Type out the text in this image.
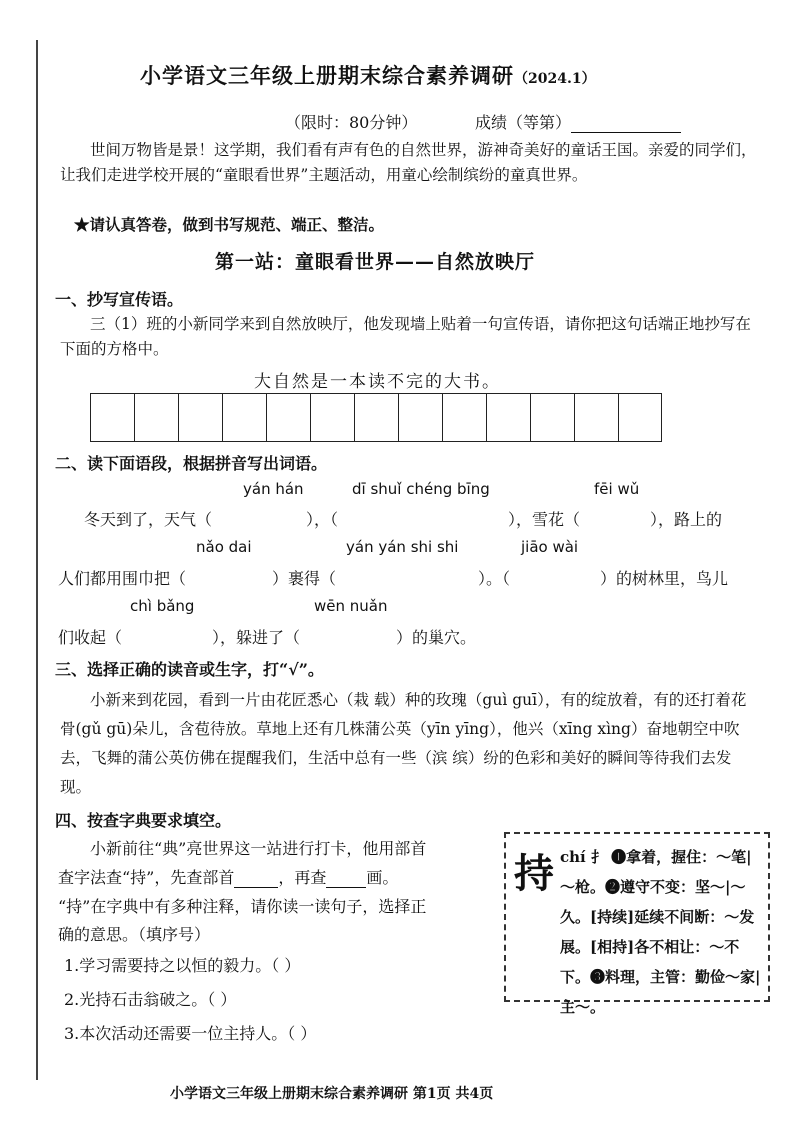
小学语文三年级上册期末综合素养调研（2024.1）
（限时：80分钟）	成绩（等第）
世间万物皆是景！这学期，我们看有声有色的自然世界，游神奇美好的童话王国。亲爱的同学们，让我们走进学校开展的“童眼看世界”主题活动，用童心绘制缤纷的童真世界。
★请认真答卷，做到书写规范、端正、整洁。
第一站：童眼看世界——自然放映厅
一、抄写宣传语。
三（1）班的小新同学来到自然放映厅，他发现墙上贴着一句宣传语，请你把这句话端正地抄写在下面的方格中。
大自然是一本读不完的大书。
二、读下面语段，根据拼音写出词语。
yán hán	dī shuǐ chéng bīng	fēi wǔ
冬天到了，天气（	），（	），雪花（	），路上的
nǎo dai	yán yán shi shi	jiāo wài
人们都用围巾把（	）裹得（	）。（	）的树林里，鸟儿
chì bǎng	wēn nuǎn
们收起（	），躲进了（	）的巢穴。
三、选择正确的读音或生字，打“√”。
小新来到花园，看到一片由花匠悉心（栽 载）种的玫瑰（guì guī），有的绽放着，有的还打着花骨(gǔ gū)朵儿，含苞待放。草地上还有几株蒲公英（yīn yīng），他兴（xīng xìng）奋地朝空中吹去，飞舞的蒲公英仿佛在提醒我们，生活中总有一些（滨 缤）纷的色彩和美好的瞬间等待我们去发现。
四、按查字典要求填空。
小新前往“典”亮世界这一站进行打卡，他用部首
查字法查“持”，先查部首	，再查	画。
“持”在字典中有多种注释，请你读一读句子，选择正
确的意思。（填序号）
1.学习需要持之以恒的毅力。（ ）
2.光持石击翁破之。（ ）
3.本次活动还需要一位主持人。（ ）
持 chí 扌 ❶拿着，握住：～笔|～枪。❷遵守不变：坚～|～久。[持续]延续不间断：～发展。[相持]各不相让：～不下。❸料理，主管：勤俭～家|主～。
小学语文三年级上册期末综合素养调研 第1页 共4页
